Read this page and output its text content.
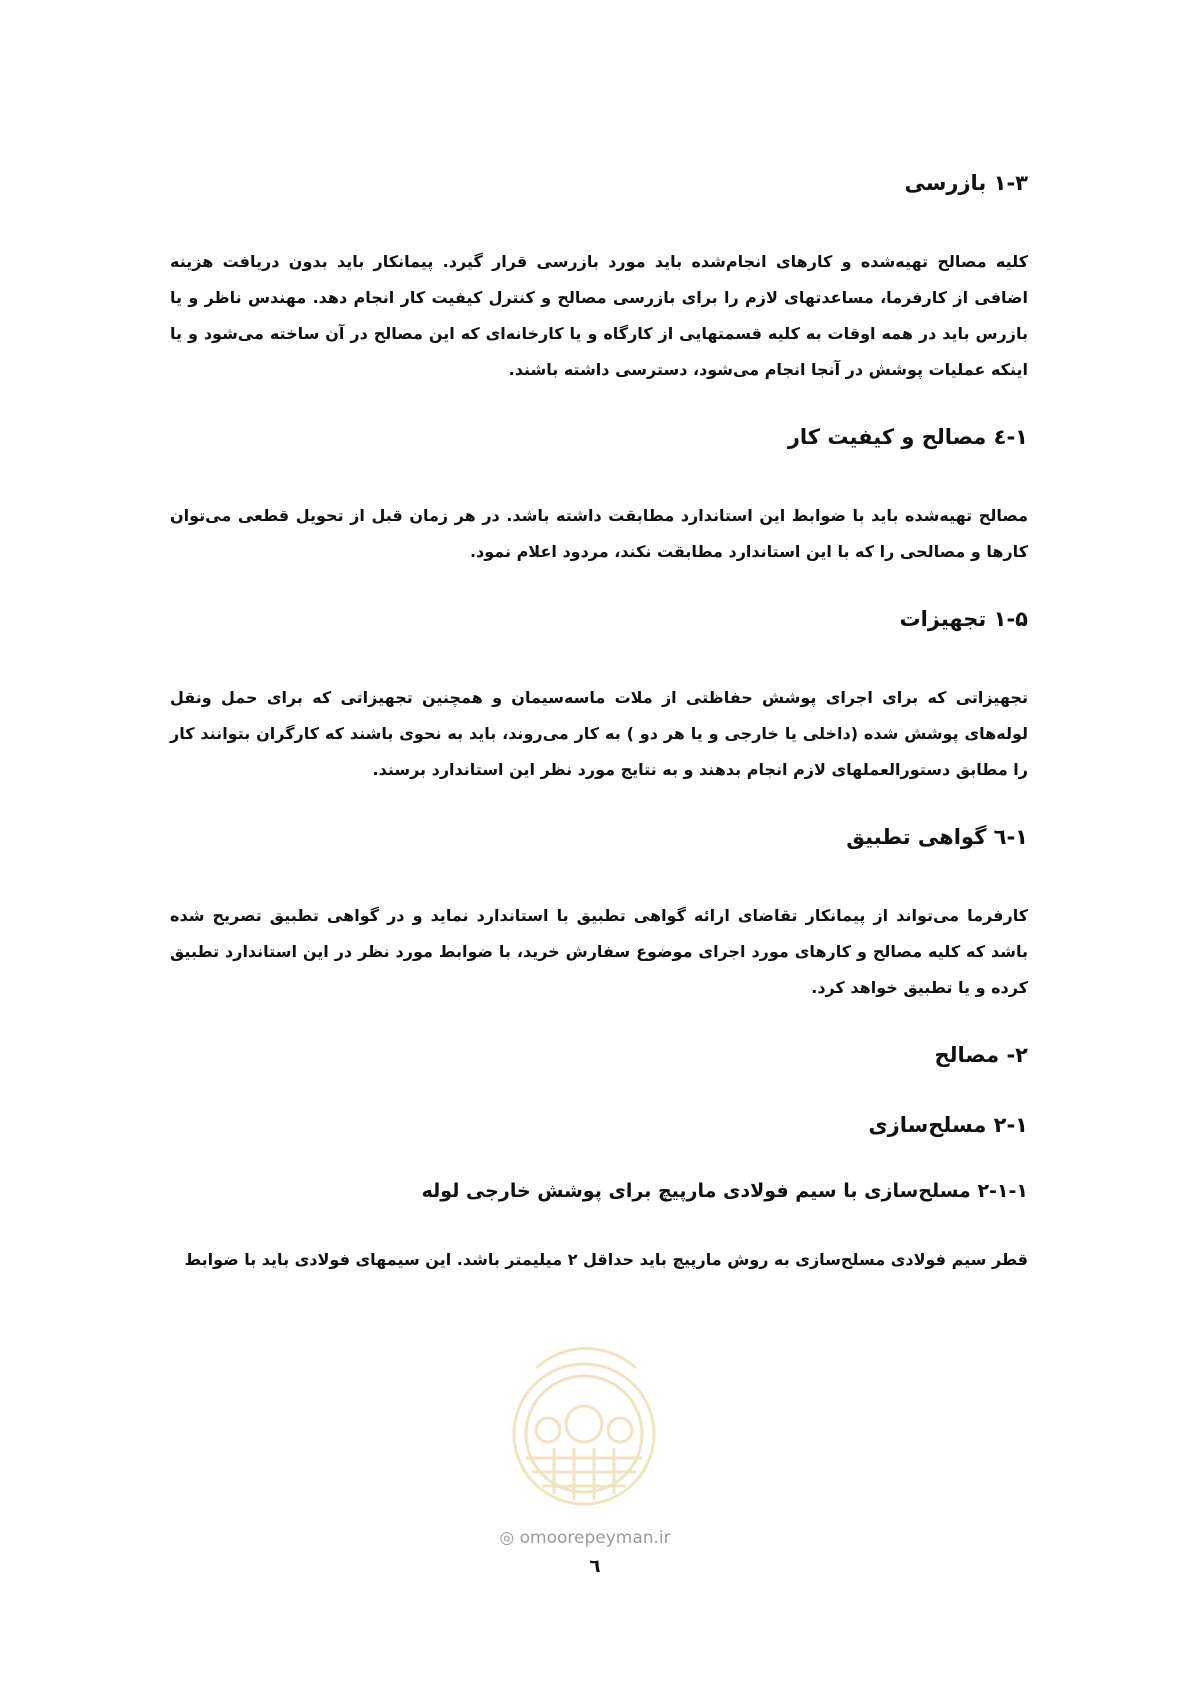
۱-۳ بازرسی

کلیه مصالح تهیه‌شده و کارهای انجام‌شده باید مورد بازرسی قرار گیرد. پیمانکار باید بدون دریافت هزینه اضافی از کارفرما، مساعدتهای لازم را برای بازرسی مصالح و کنترل کیفیت کار انجام دهد. مهندس ناظر و یا بازرس باید در همه اوقات به کلیه قسمتهایی از کارگاه و یا کارخانه‌ای که این مصالح در آن ساخته می‌شود و یا اینکه عملیات پوشش در آنجا انجام می‌شود، دسترسی داشته باشند.

۱-٤ مصالح و کیفیت کار

مصالح تهیه‌شده باید با ضوابط این استاندارد مطابقت داشته باشد. در هر زمان قبل از تحویل قطعی می‌توان کارها و مصالحی را که با این استاندارد مطابقت نکند، مردود اعلام نمود.

۱-۵ تجهیزات

تجهیزاتی که برای اجرای پوشش حفاظتی از ملات ماسه‌سیمان و همچنین تجهیزاتی که برای حمل ونقل لوله‌های پوشش شده (داخلی یا خارجی و یا هر دو ) به کار می‌روند، باید به نحوی باشند که کارگران بتوانند کار را مطابق دستورالعملهای لازم انجام بدهند و به نتایج مورد نظر این استاندارد برسند.

۱-٦ گواهی تطبیق

کارفرما می‌تواند از پیمانکار تقاضای ارائه گواهی تطبیق با استاندارد نماید و در گواهی تطبیق تصریح شده باشد که کلیه مصالح و کارهای مورد اجرای موضوع سفارش خرید، با ضوابط مورد نظر در این استاندارد تطبیق کرده و یا تطبیق خواهد کرد.

۲- مصالح
۲-۱ مسلح‌سازی
۲-۱-۱ مسلح‌سازی با سیم فولادی مارپیچ برای پوشش خارجی لوله

قطر سیم فولادی مسلح‌سازی به روش مارپیچ باید حداقل ۲ میلیمتر باشد. این سیمهای فولادی باید با ضوابط

◎ omoorepeyman.ir
٦
